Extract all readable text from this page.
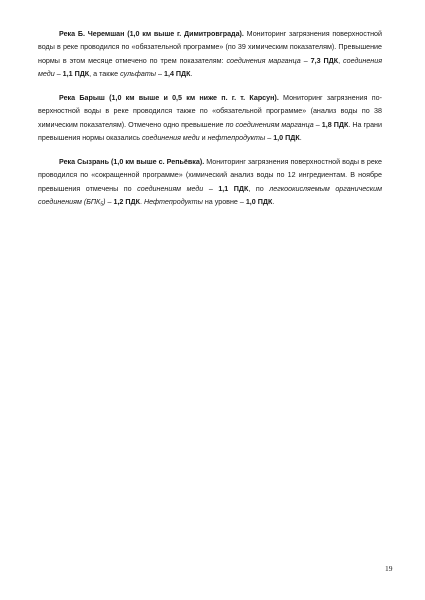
Река Б. Черемшан (1,0 км выше г. Димитровграда). Мониторинг загрязнения поверхностной воды в реке проводился по «обязательной программе» (по 39 химическим показателям). Превышение нормы в этом месяце отмечено по трем показателям: соединения марганца – 7,3 ПДК, соединения меди – 1,1 ПДК, а также сульфаты – 1,4 ПДК.

Река Барыш (1,0 км выше и 0,5 км ниже п. г. т. Карсун). Мониторинг загрязнения поверхностной воды в реке проводился также по «обязательной программе» (анализ воды по 38 химическим показателям). Отмечено одно превышение по соединениям марганца – 1,8 ПДК. На грани превышения нормы оказались соединения меди и нефтепродукты – 1,0 ПДК.

Река Сызрань (1,0 км выше с. Репьёвка). Мониторинг загрязнения поверхностной воды в реке проводился по «сокращенной программе» (химический анализ воды по 12 ингредиентам. В ноябре превышения отмечены по соединениям меди – 1,1 ПДК, по легкоокисляемым органическим соединениям $(БПК_5) - 1,2$ ПДК. Нефтепродукты на уровне – 1,0 ПДК.

19
